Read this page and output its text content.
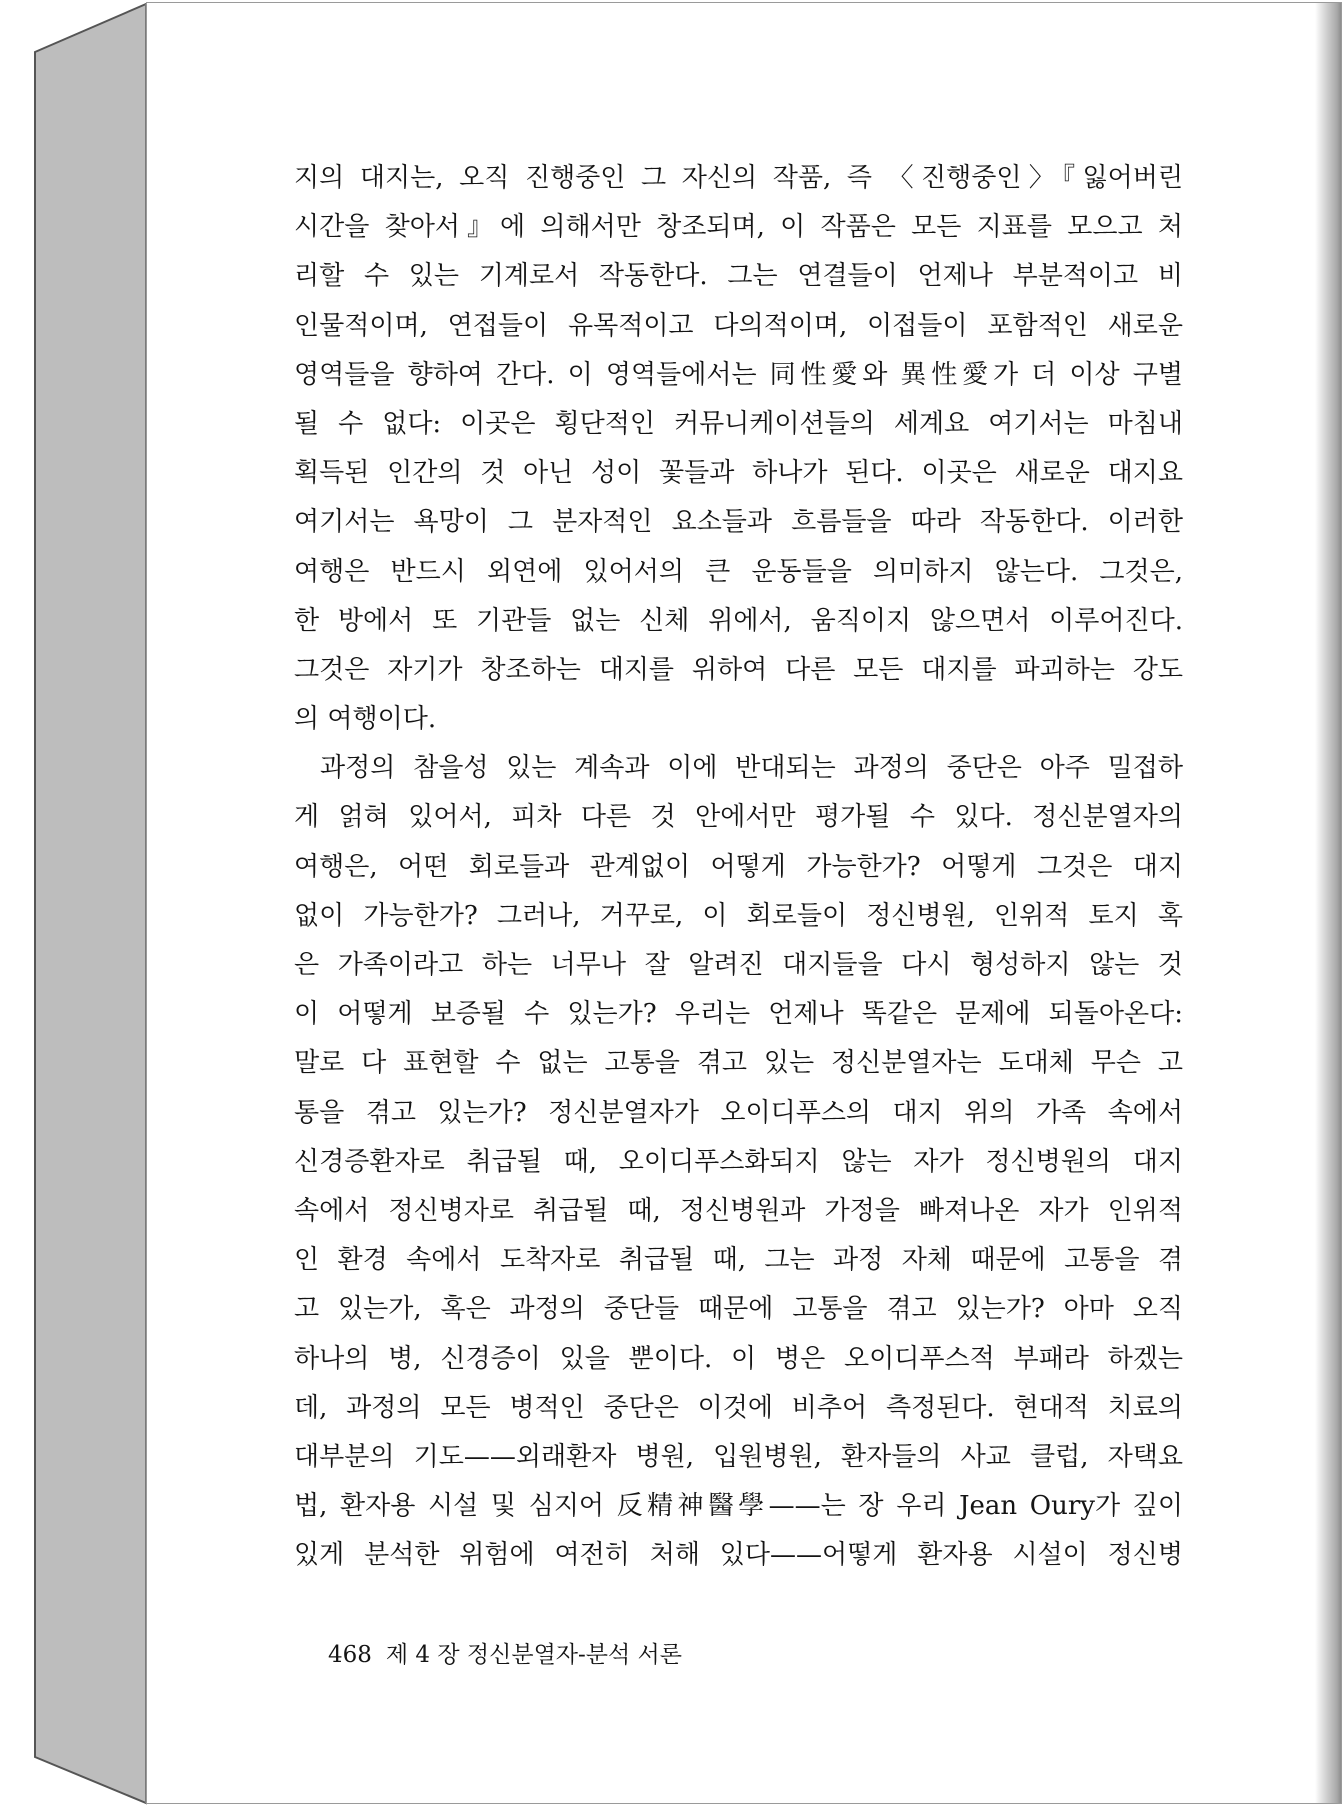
지의 대지는, 오직 진행중인 그 자신의 작품, 즉 〈진행중인〉『잃어버린
시간을 찾아서』에 의해서만 창조되며, 이 작품은 모든 지표를 모으고 처
리할 수 있는 기계로서 작동한다. 그는 연결들이 언제나 부분적이고 비
인물적이며, 연접들이 유목적이고 다의적이며, 이접들이 포함적인 새로운
영역들을 향하여 간다. 이 영역들에서는 同性愛와 異性愛가 더 이상 구별
될 수 없다: 이곳은 횡단적인 커뮤니케이션들의 세계요 여기서는 마침내
획득된 인간의 것 아닌 성이 꽃들과 하나가 된다. 이곳은 새로운 대지요
여기서는 욕망이 그 분자적인 요소들과 흐름들을 따라 작동한다. 이러한
여행은 반드시 외연에 있어서의 큰 운동들을 의미하지 않는다. 그것은,
한 방에서 또 기관들 없는 신체 위에서, 움직이지 않으면서 이루어진다.
그것은 자기가 창조하는 대지를 위하여 다른 모든 대지를 파괴하는 강도
의 여행이다.
과정의 참을성 있는 계속과 이에 반대되는 과정의 중단은 아주 밀접하
게 얽혀 있어서, 피차 다른 것 안에서만 평가될 수 있다. 정신분열자의
여행은, 어떤 회로들과 관계없이 어떻게 가능한가? 어떻게 그것은 대지
없이 가능한가? 그러나, 거꾸로, 이 회로들이 정신병원, 인위적 토지 혹
은 가족이라고 하는 너무나 잘 알려진 대지들을 다시 형성하지 않는 것
이 어떻게 보증될 수 있는가? 우리는 언제나 똑같은 문제에 되돌아온다:
말로 다 표현할 수 없는 고통을 겪고 있는 정신분열자는 도대체 무슨 고
통을 겪고 있는가? 정신분열자가 오이디푸스의 대지 위의 가족 속에서
신경증환자로 취급될 때, 오이디푸스화되지 않는 자가 정신병원의 대지
속에서 정신병자로 취급될 때, 정신병원과 가정을 빠져나온 자가 인위적
인 환경 속에서 도착자로 취급될 때, 그는 과정 자체 때문에 고통을 겪
고 있는가, 혹은 과정의 중단들 때문에 고통을 겪고 있는가? 아마 오직
하나의 병, 신경증이 있을 뿐이다. 이 병은 오이디푸스적 부패라 하겠는
데, 과정의 모든 병적인 중단은 이것에 비추어 측정된다. 현대적 치료의
대부분의 기도——외래환자 병원, 입원병원, 환자들의 사교 클럽, 자택요
법, 환자용 시설 및 심지어 反精神醫學——는 장 우리 Jean Oury가 깊이
있게 분석한 위험에 여전히 처해 있다——어떻게 환자용 시설이 정신병
468 제 4 장 정신분열자-분석 서론
